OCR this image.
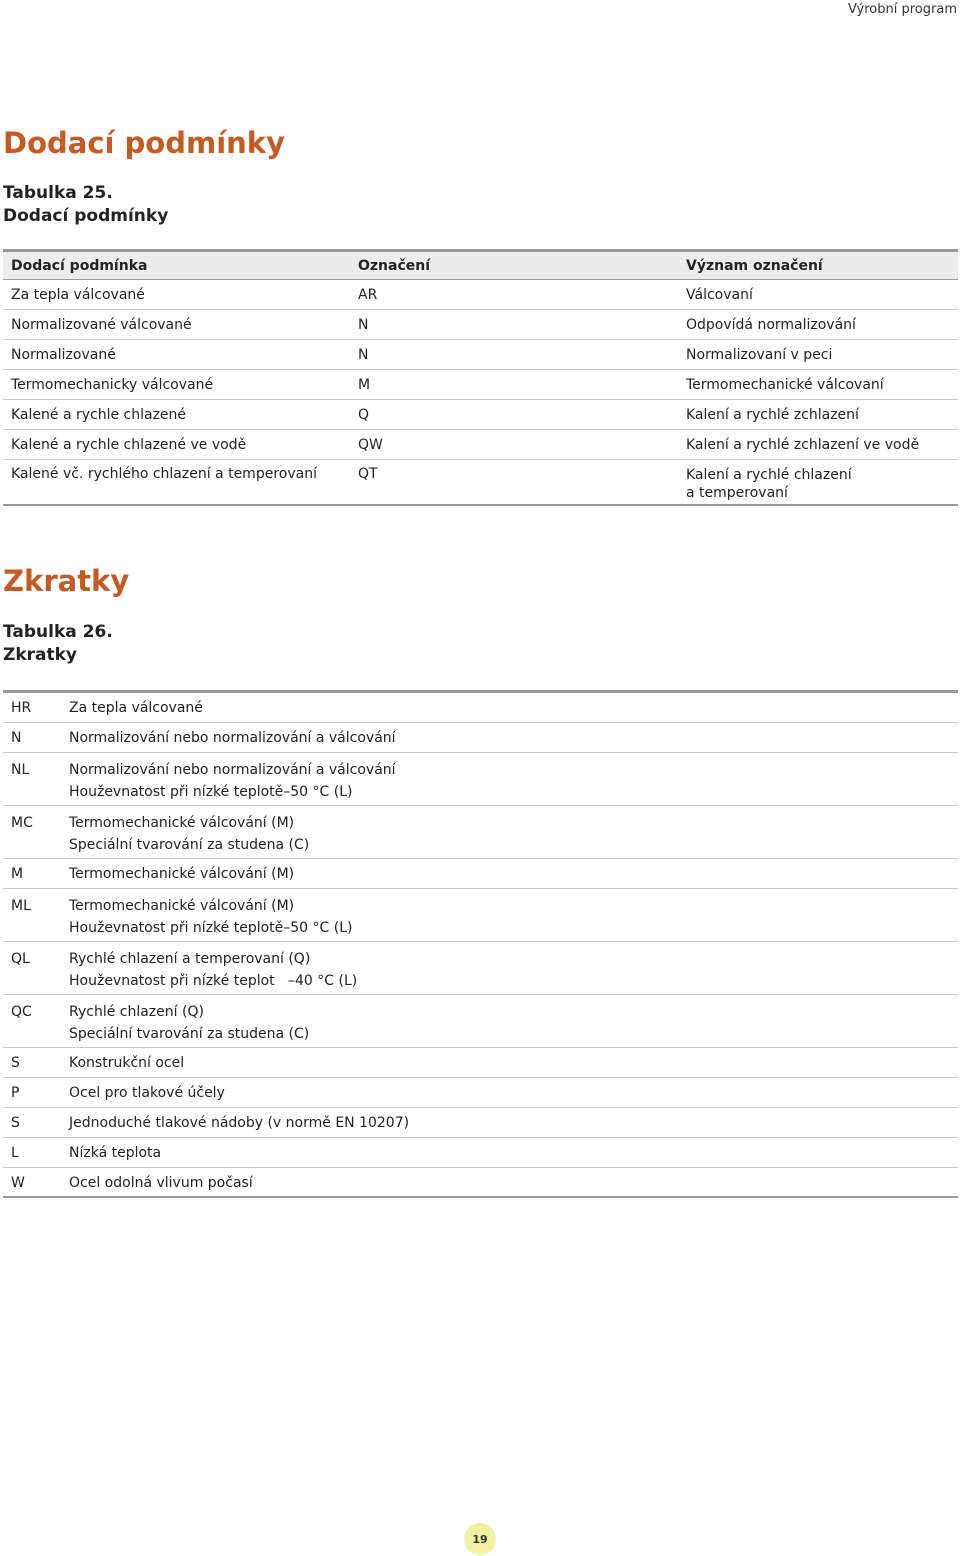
Výrobní program
Dodací podmínky
Tabulka 25.
Dodací podmínky
Dodací podmínka	Označení	Význam označení
Za tepla válcované	AR	Válcovaní
Normalizované válcované	N	Odpovídá normalizování
Normalizované	N	Normalizovaní v peci
Termomechanicky válcované	M	Termomechanické válcovaní
Kalené a rychle chlazené	Q	Kalení a rychlé zchlazení
Kalené a rychle chlazené ve vodě	QW	Kalení a rychlé zchlazení ve vodě
Kalené vč. rychlého chlazení a temperovaní	QT	Kalení a rychlé chlazení
a temperovaní
Zkratky
Tabulka 26.
Zkratky
HR	Za tepla válcované
N	Normalizování nebo normalizování a válcování
NL	Normalizování nebo normalizování a válcování
Houževnatost při nízké teplotě–50 °C (L)
MC	Termomechanické válcování (M)
Speciální tvarování za studena (C)
M	Termomechanické válcování (M)
ML	Termomechanické válcování (M)
Houževnatost při nízké teplotě–50 °C (L)
QL	Rychlé chlazení a temperovaní (Q)
Houževnatost při nízké teplot   –40 °C (L)
QC	Rychlé chlazení (Q)
Speciální tvarování za studena (C)
S	Konstrukční ocel
P	Ocel pro tlakové účely
S	Jednoduché tlakové nádoby (v normě EN 10207)
L	Nízká teplota
W	Ocel odolná vlivum počasí
19
